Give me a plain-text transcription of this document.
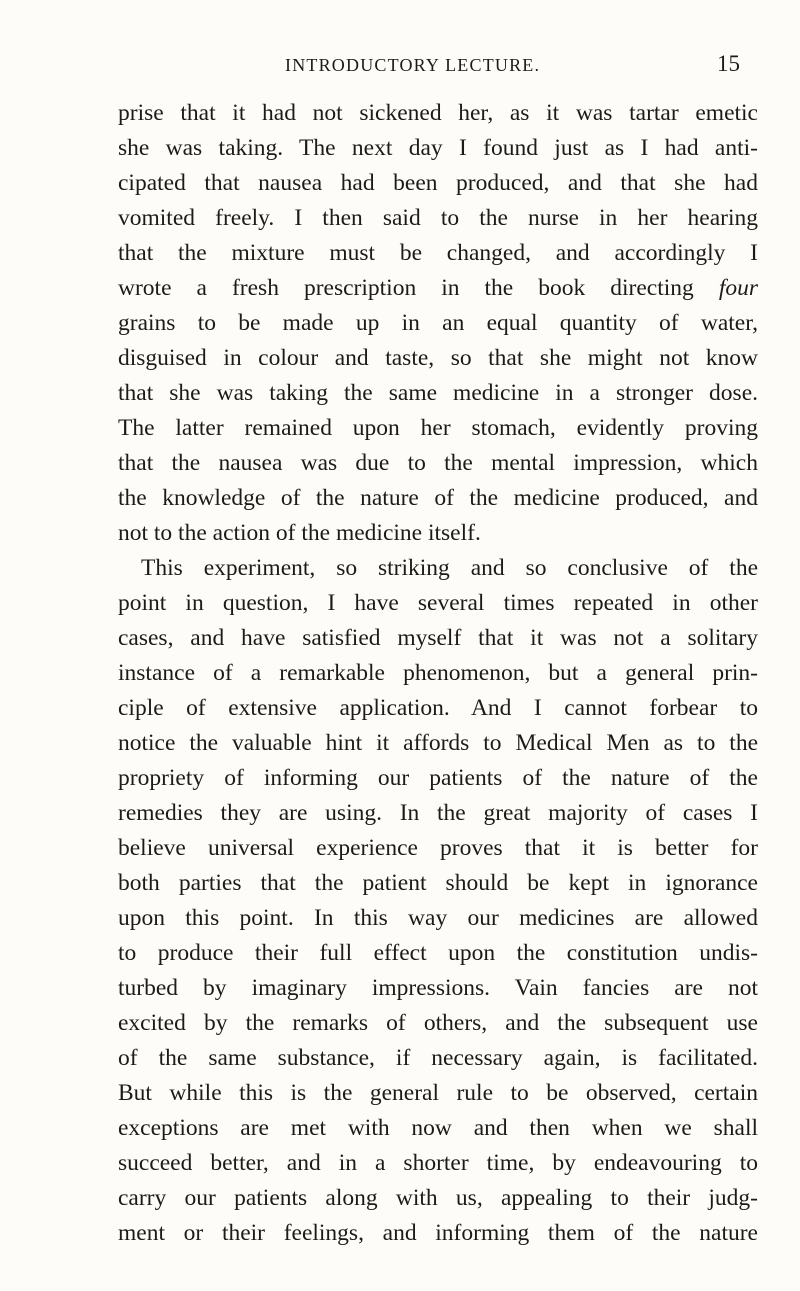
INTRODUCTORY LECTURE.	15
prise that it had not sickened her, as it was tartar emetic
she was taking. The next day I found just as I had anti-
cipated that nausea had been produced, and that she had
vomited freely. I then said to the nurse in her hearing
that the mixture must be changed, and accordingly I
wrote a fresh prescription in the book directing four
grains to be made up in an equal quantity of water,
disguised in colour and taste, so that she might not know
that she was taking the same medicine in a stronger dose.
The latter remained upon her stomach, evidently proving
that the nausea was due to the mental impression, which
the knowledge of the nature of the medicine produced, and
not to the action of the medicine itself.
This experiment, so striking and so conclusive of the
point in question, I have several times repeated in other
cases, and have satisfied myself that it was not a solitary
instance of a remarkable phenomenon, but a general prin-
ciple of extensive application. And I cannot forbear to
notice the valuable hint it affords to Medical Men as to the
propriety of informing our patients of the nature of the
remedies they are using. In the great majority of cases I
believe universal experience proves that it is better for
both parties that the patient should be kept in ignorance
upon this point. In this way our medicines are allowed
to produce their full effect upon the constitution undis-
turbed by imaginary impressions. Vain fancies are not
excited by the remarks of others, and the subsequent use
of the same substance, if necessary again, is facilitated.
But while this is the general rule to be observed, certain
exceptions are met with now and then when we shall
succeed better, and in a shorter time, by endeavouring to
carry our patients along with us, appealing to their judg-
ment or their feelings, and informing them of the nature
